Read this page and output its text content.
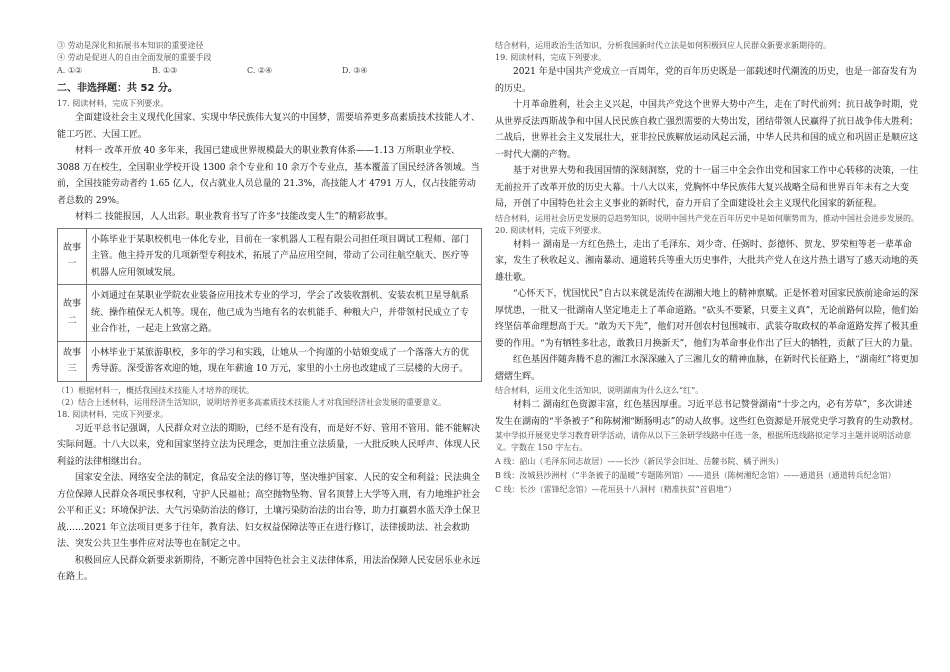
③ 劳动是深化和拓展书本知识的重要途径

④ 劳动是促进人的自由全面发展的重要手段

A. ①②	B. ①③	C. ②④	D. ③④

二、非选择题：共 52 分。

17. 阅读材料，完成下列要求。

全面建设社会主义现代化国家、实现中华民族伟大复兴的中国梦，需要培养更多高素质技术技能人才、能工巧匠、大国工匠。

材料一 改革开放 40 多年来，我国已建成世界规模最大的职业教育体系——1.13 万所职业学校、3088 万在校生，全国职业学校开设 1300 余个专业和 10 余万个专业点，基本覆盖了国民经济各领域。当前，全国技能劳动者约 1.65 亿人，仅占就业人员总量的 21.3%，高技能人才 4791 万人，仅占技能劳动者总数的 29%。

材料二 技能报国，人人出彩。职业教育书写了许多“技能改变人生”的精彩故事。

故事一	小陈毕业于某职校机电一体化专业，目前在一家机器人工程有限公司担任项目调试工程师、部门主管。他主持开发的几项新型专利技术，拓展了产品应用空间，带动了公司往航空航天、医疗等机器人应用领域发展。
故事二	小刘通过在某职业学院农业装备应用技术专业的学习，学会了改装收割机、安装农机卫星导航系统、操作植保无人机等。现在，他已成为当地有名的农机能手、种粮大户，并带领村民成立了专业合作社，一起走上致富之路。
故事三	小林毕业于某旅游职校，多年的学习和实践，让她从一个拘谨的小姑娘变成了一个落落大方的优秀导游。深受游客欢迎的她，现在年薪逾 10 万元，家里的小土房也改建成了三层楼的大房子。

（1）根据材料一，概括我国技术技能人才培养的现状。

（2）结合上述材料，运用经济生活知识，说明培养更多高素质技术技能人才对我国经济社会发展的重要意义。

18. 阅读材料，完成下列要求。

习近平总书记强调，人民群众对立法的期盼，已经不是有没有，而是好不好、管用不管用、能不能解决实际问题。十八大以来，党和国家坚持立法为民理念，更加注重立法质量，一大批反映人民呼声、体现人民利益的法律相继出台。

国家安全法、网络安全法的制定，食品安全法的修订等，坚决维护国家、人民的安全和利益；民法典全方位保障人民群众各项民事权利，守护人民福祉；高空抛物坠物、冒名顶替上大学等入刑，有力地维护社会公平和正义；环境保护法、大气污染防治法的修订，土壤污染防治法的出台等，助力打赢碧水蓝天净土保卫战……2021 年立法项目更多于往年，教育法、妇女权益保障法等正在进行修订，法律援助法、社会救助法、突发公共卫生事件应对法等也在制定之中。

积极回应人民群众新要求新期待，不断完善中国特色社会主义法律体系，用法治保障人民安居乐业永远在路上。

结合材料，运用政治生活知识，分析我国新时代立法是如何积极回应人民群众新要求新期待的。

19. 阅读材料，完成下列要求。

2021 年是中国共产党成立一百周年，党的百年历史既是一部载述时代潮流的历史，也是一部奋发有为的历史。

十月革命胜利，社会主义兴起，中国共产党这个世界大势中产生，走在了时代前列；抗日战争时期，党从世界反法西斯战争和中国人民民族自救亡强烈需要的大势出发，团结带领人民赢得了抗日战争伟大胜利；二战后，世界社会主义发展壮大，亚非拉民族解放运动风起云涌，中华人民共和国的成立和巩固正是顺应这一时代大潮的产物。

基于对世界大势和我国国情的深刻洞察，党的十一届三中全会作出党和国家工作中心转移的决策，一往无前拉开了改革开放的历史大幕。十八大以来，党胸怀中华民族伟大复兴战略全局和世界百年未有之大变局，开创了中国特色社会主义事业的新时代，奋力开启了全面建设社会主义现代化国家的新征程。

结合材料，运用社会历史发展的总趋势知识，说明中国共产党在百年历史中是如何顺势而为，推动中国社会进步发展的。

20. 阅读材料，完成下列要求。

材料一 湖南是一方红色热土，走出了毛泽东、刘少奇、任弼时、彭德怀、贺龙、罗荣桓等老一辈革命家，发生了秋收起义、湘南暴动、通道转兵等重大历史事件，大批共产党人在这片热土谱写了感天动地的英雄壮歌。

“心怀天下，忧国忧民”自古以来就是流传在湖湘大地上的精神禀赋。正是怀着对国家民族前途命运的深厚忧患，一批又一批湖南人坚定地走上了革命道路。“砍头不要紧，只要主义真”，无论前路何以险，他们始终坚信革命理想高于天。“敢为天下先”，他们对开创农村包围城市、武装夺取政权的革命道路发挥了极其重要的作用。“为有牺牲多壮志，敢教日月换新天”，他们为革命事业作出了巨大的牺牲，贡献了巨大的力量。

红色基因伴随奔腾不息的湘江水深深融入了三湘儿女的精神血脉，在新时代长征路上，“湖南红”将更加熠熠生辉。

结合材料，运用文化生活知识，说明湖南为什么这么“红”。

材料二 湖南红色资源丰富，红色基因厚重。习近平总书记赞誉湖南“十步之内，必有芳草”，多次讲述发生在湖南的“半条被子”和陈树湘“断肠明志”的动人故事。这些红色资源是开展党史学习教育的生动教材。

某中学拟开展党史学习教育研学活动，请你从以下三条研学线路中任选一条，根据所选线路拟定学习主题并说明活动意义。字数在 150 字左右。

A 线：韶山（毛泽东同志故居）——长沙（新民学会旧址、岳麓书院、橘子洲头）

B 线：汝城县沙洲村（“半条被子的温暖”专题陈列馆）——道县（陈树湘纪念馆）——通道县（通道转兵纪念馆）

C 线：长沙（雷锋纪念馆）—花垣县十八洞村（精准扶贫“首倡地”）
